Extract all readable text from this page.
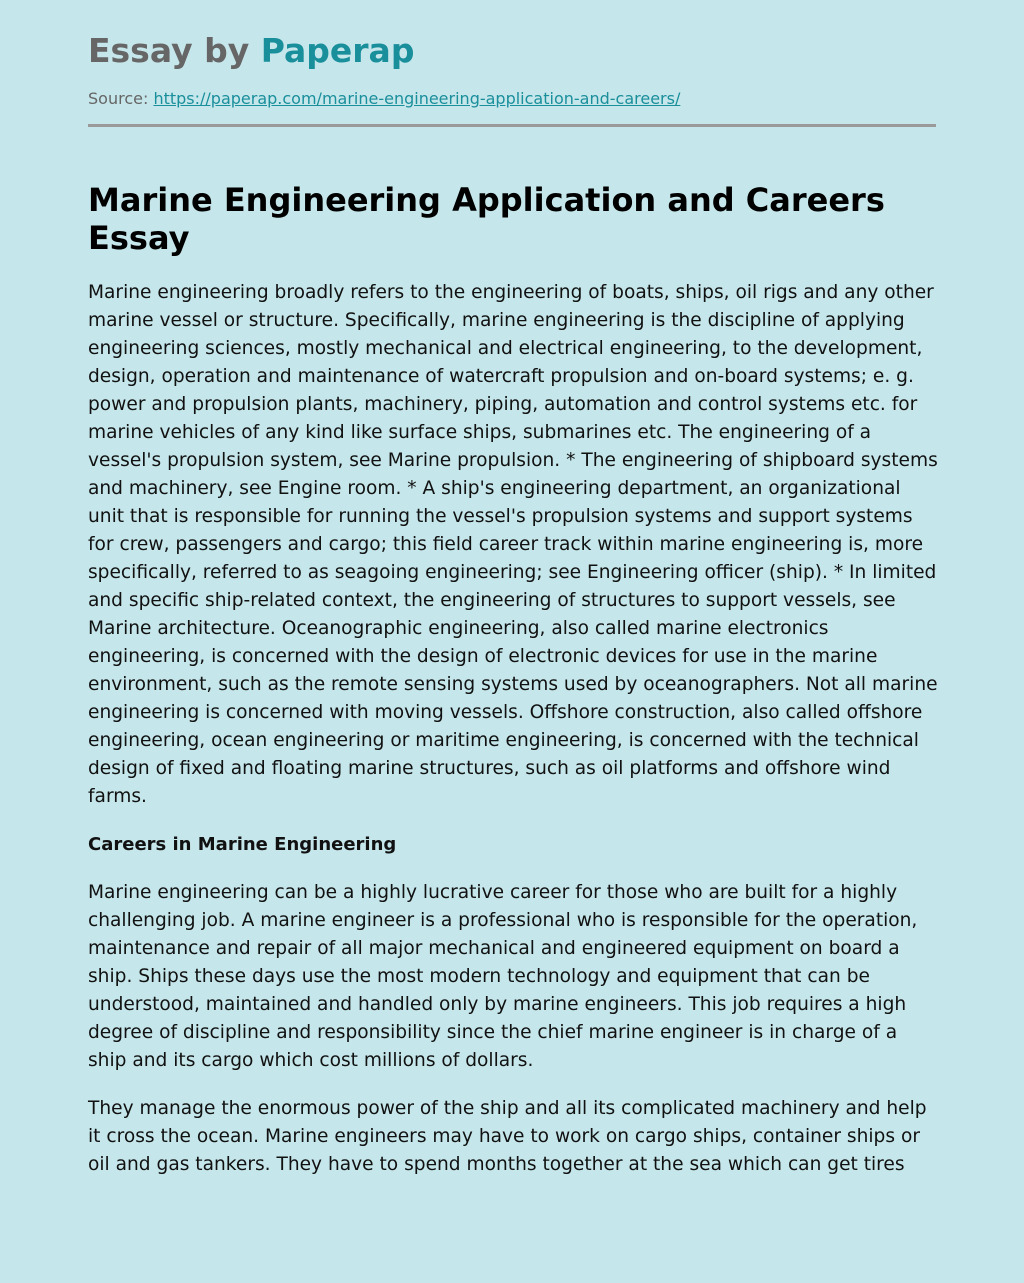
Essay by Paperap
Source: https://paperap.com/marine-engineering-application-and-careers/
Marine Engineering Application and Careers Essay

Marine engineering broadly refers to the engineering of boats, ships, oil rigs and any other marine vessel or structure. Specifically, marine engineering is the discipline of applying engineering sciences, mostly mechanical and electrical engineering, to the development, design, operation and maintenance of watercraft propulsion and on-board systems; e. g. power and propulsion plants, machinery, piping, automation and control systems etc. for marine vehicles of any kind like surface ships, submarines etc. The engineering of a vessel's propulsion system, see Marine propulsion. * The engineering of shipboard systems and machinery, see Engine room. * A ship's engineering department, an organizational unit that is responsible for running the vessel's propulsion systems and support systems for crew, passengers and cargo; this field career track within marine engineering is, more specifically, referred to as seagoing engineering; see Engineering officer (ship). * In limited and specific ship-related context, the engineering of structures to support vessels, see Marine architecture. Oceanographic engineering, also called marine electronics engineering, is concerned with the design of electronic devices for use in the marine environment, such as the remote sensing systems used by oceanographers. Not all marine engineering is concerned with moving vessels. Offshore construction, also called offshore engineering, ocean engineering or maritime engineering, is concerned with the technical design of fixed and floating marine structures, such as oil platforms and offshore wind farms.

Careers in Marine Engineering

Marine engineering can be a highly lucrative career for those who are built for a highly challenging job. A marine engineer is a professional who is responsible for the operation, maintenance and repair of all major mechanical and engineered equipment on board a ship. Ships these days use the most modern technology and equipment that can be understood, maintained and handled only by marine engineers. This job requires a high degree of discipline and responsibility since the chief marine engineer is in charge of a ship and its cargo which cost millions of dollars.

They manage the enormous power of the ship and all its complicated machinery and help it cross the ocean. Marine engineers may have to work on cargo ships, container ships or oil and gas tankers. They have to spend months together at the sea which can get tires
